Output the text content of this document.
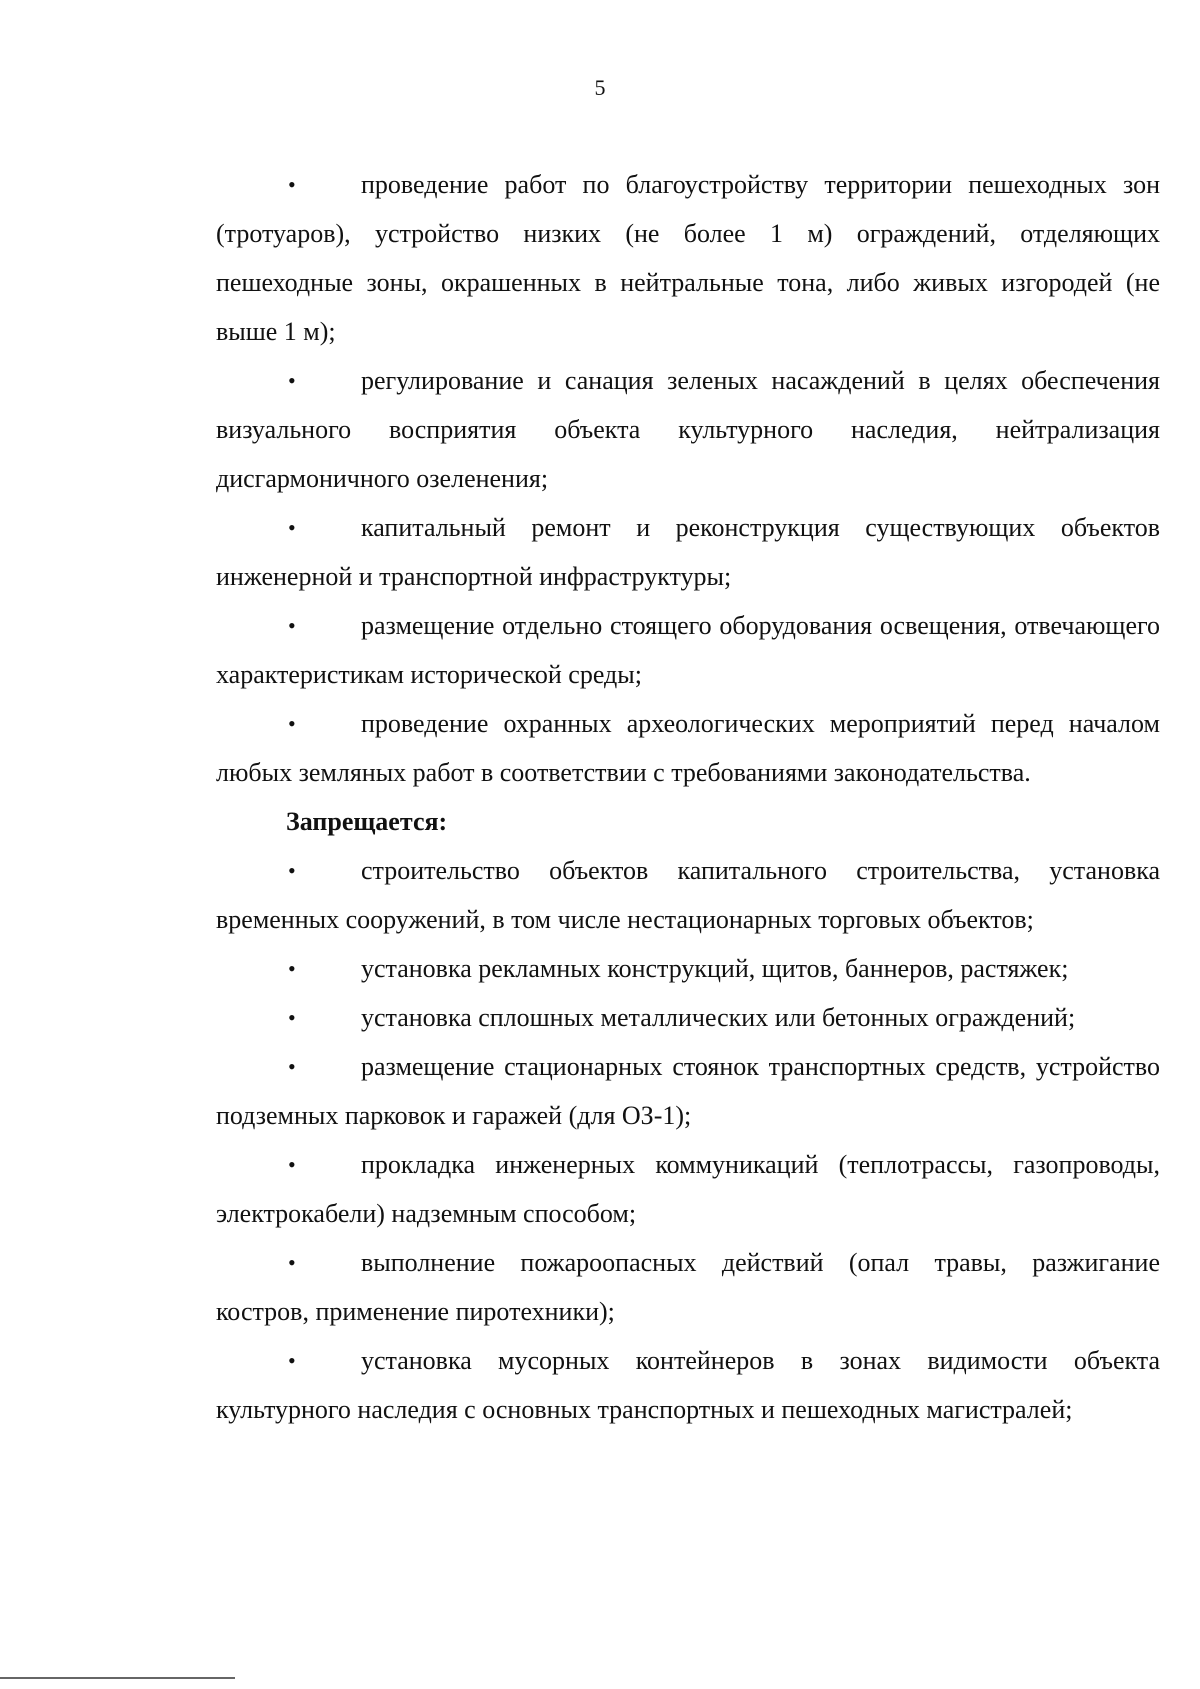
5

•	проведение работ по благоустройству территории пешеходных зон (тротуаров), устройство низких (не более 1 м) ограждений, отделяющих пешеходные зоны, окрашенных в нейтральные тона, либо живых изгородей (не выше 1 м);

•	регулирование и санация зеленых насаждений в целях обеспечения визуального восприятия объекта культурного наследия, нейтрализация дисгармоничного озеленения;

•	капитальный ремонт и реконструкция существующих объектов инженерной и транспортной инфраструктуры;

•	размещение отдельно стоящего оборудования освещения, отвечающего характеристикам исторической среды;

•	проведение охранных археологических мероприятий перед началом любых земляных работ в соответствии с требованиями законодательства.

Запрещается:

•	строительство объектов капитального строительства, установка временных сооружений, в том числе нестационарных торговых объектов;

•	установка рекламных конструкций, щитов, баннеров, растяжек;

•	установка сплошных металлических или бетонных ограждений;

•	размещение стационарных стоянок транспортных средств, устройство подземных парковок и гаражей (для ОЗ-1);

•	прокладка инженерных коммуникаций (теплотрассы, газопроводы, электрокабели) надземным способом;

•	выполнение пожароопасных действий (опал травы, разжигание костров, применение пиротехники);

•	установка мусорных контейнеров в зонах видимости объекта культурного наследия с основных транспортных и пешеходных магистралей;
